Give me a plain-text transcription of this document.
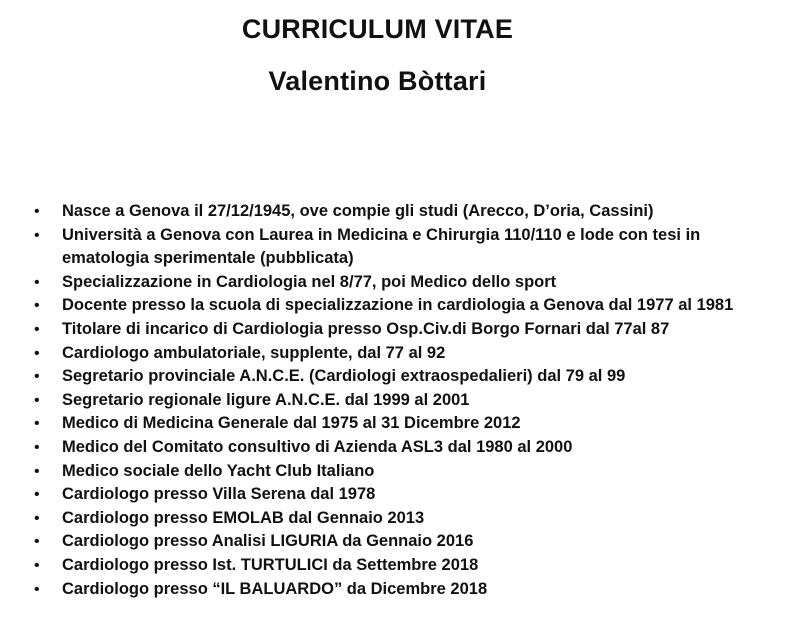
CURRICULUM VITAE
Valentino Bòttari
•	Nasce a Genova il 27/12/1945, ove compie gli studi (Arecco, D’oria, Cassini)
•	Università a Genova con Laurea in Medicina e Chirurgia 110/110 e lode con tesi in ematologia sperimentale (pubblicata)
•	Specializzazione in Cardiologia nel 8/77, poi Medico dello sport
•	Docente presso la scuola di specializzazione in cardiologia a Genova dal 1977 al 1981
•	Titolare di incarico di Cardiologia presso Osp.Civ.di Borgo Fornari dal 77al 87
•	Cardiologo ambulatoriale, supplente, dal 77 al 92
•	Segretario provinciale A.N.C.E. (Cardiologi extraospedalieri) dal 79 al 99
•	Segretario regionale ligure A.N.C.E. dal 1999 al 2001
•	Medico di Medicina Generale dal 1975 al 31 Dicembre 2012
•	Medico del Comitato consultivo di Azienda ASL3 dal 1980 al 2000
•	Medico sociale dello Yacht Club Italiano
•	Cardiologo presso Villa Serena dal 1978
•	Cardiologo presso EMOLAB dal Gennaio 2013
•	Cardiologo presso Analisi LIGURIA da Gennaio 2016
•	Cardiologo presso Ist. TURTULICI da Settembre 2018
•	Cardiologo presso “IL BALUARDO” da Dicembre 2018
